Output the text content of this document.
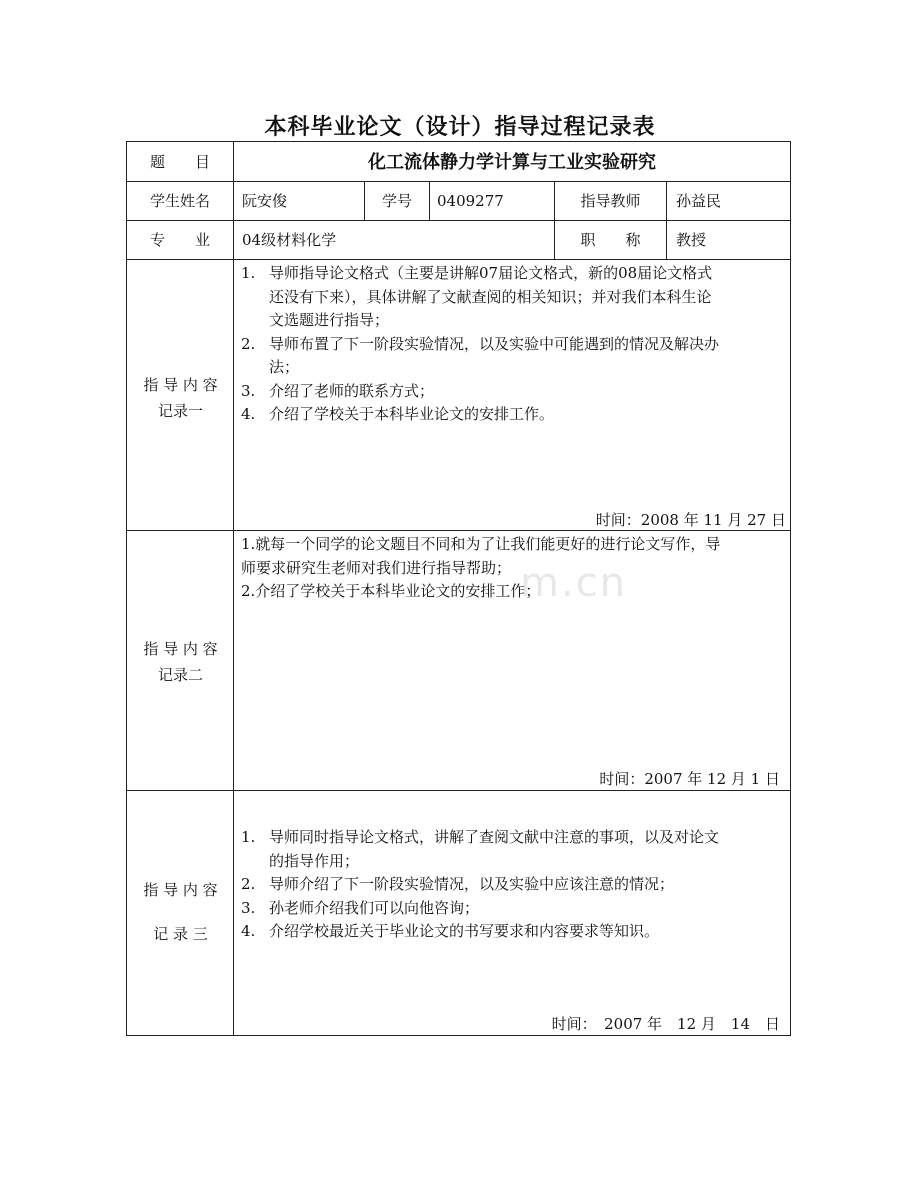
本科毕业论文（设计）指导过程记录表
题　　目	化工流体静力学计算与工业实验研究
学生姓名	阮安俊	学号	0409277	指导教师	孙益民
专　　业	04级材料化学	职　　称	教授
指 导 内 容
记录一
1. 导师指导论文格式（主要是讲解07届论文格式，新的08届论文格式还没有下来），具体讲解了文献查阅的相关知识；并对我们本科生论文选题进行指导；
2. 导师布置了下一阶段实验情况，以及实验中可能遇到的情况及解决办法；
3. 介绍了老师的联系方式；
4. 介绍了学校关于本科毕业论文的安排工作。
时间：2008 年 11 月 27 日
指 导 内 容
记录二
1.就每一个同学的论文题目不同和为了让我们能更好的进行论文写作，导师要求研究生老师对我们进行指导帮助；
2.介绍了学校关于本科毕业论文的安排工作；
时间：2007 年 12 月 1 日
指 导 内 容
记 录 三
1. 导师同时指导论文格式，讲解了查阅文献中注意的事项，以及对论文的指导作用；
2. 导师介绍了下一阶段实验情况，以及实验中应该注意的情况；
3. 孙老师介绍我们可以向他咨询；
4. 介绍学校最近关于毕业论文的书写要求和内容要求等知识。
时间：　2007 年　12 月　14　日
m.cn
